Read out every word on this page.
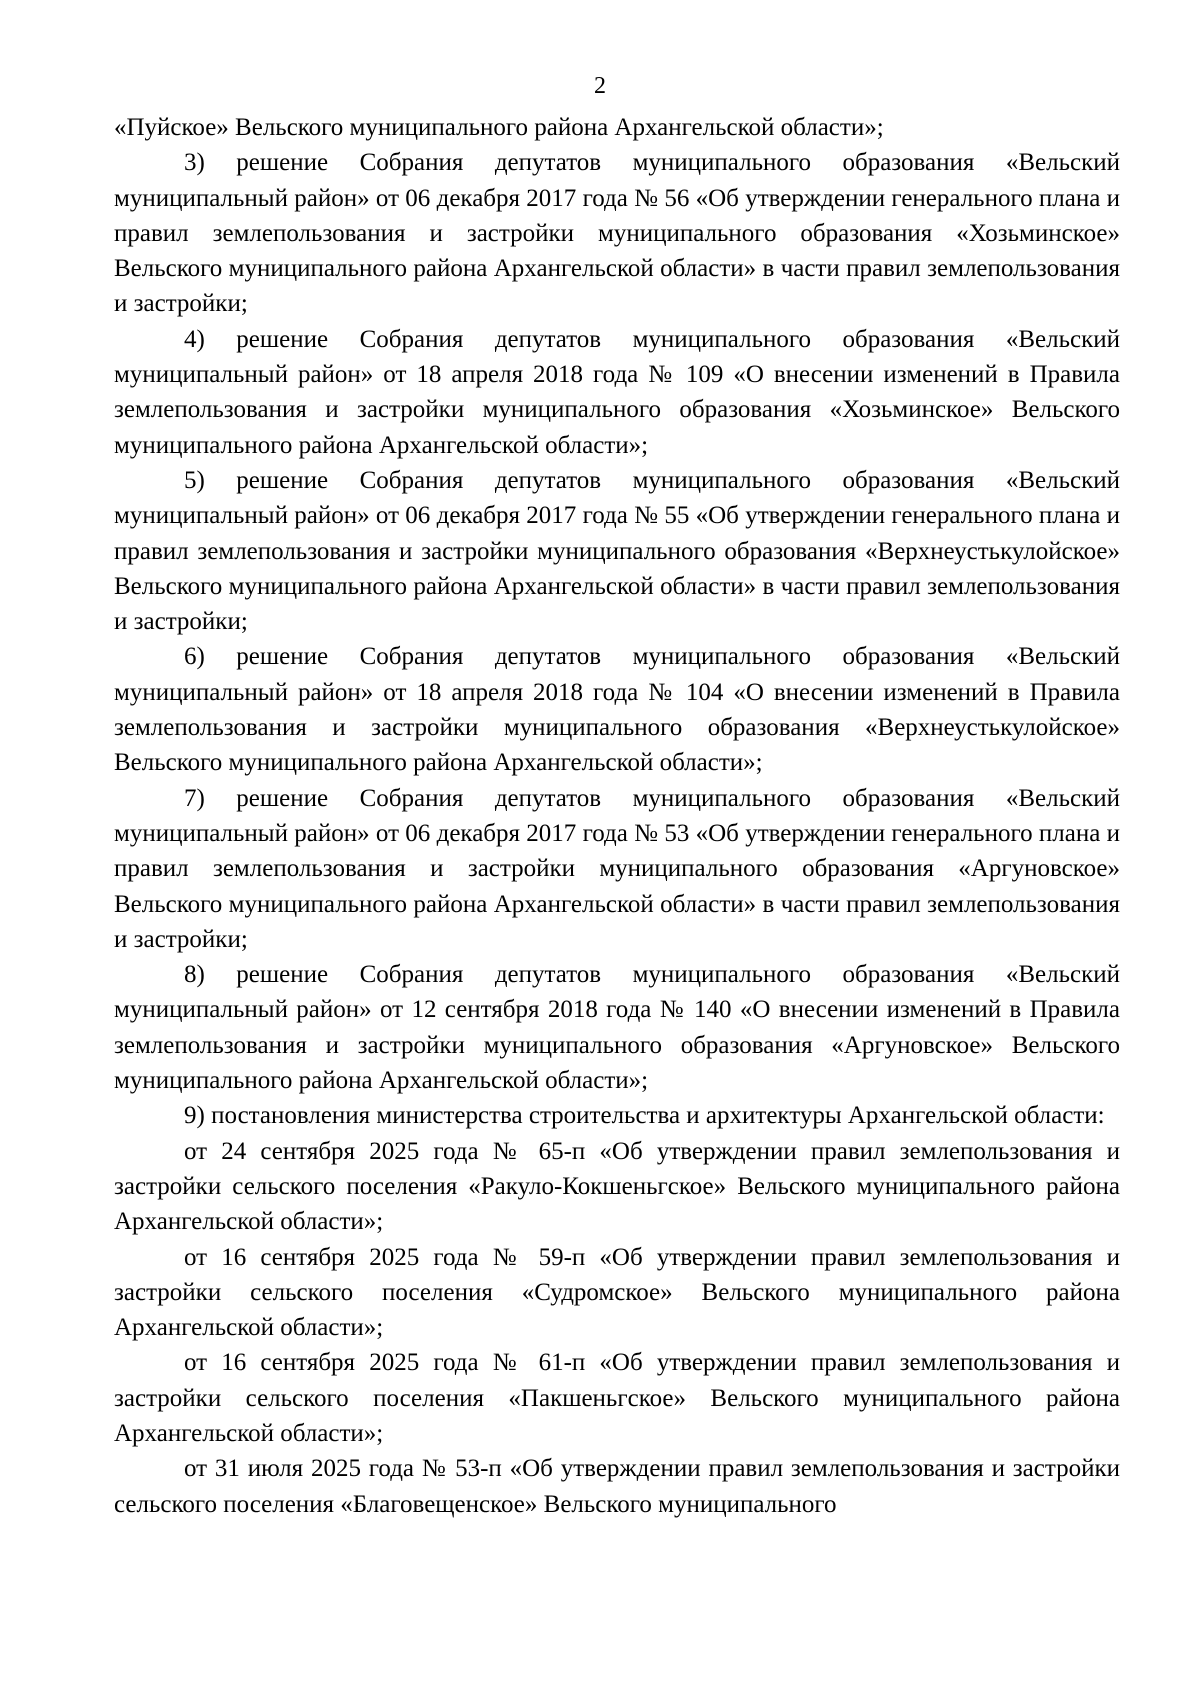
2

«Пуйское» Вельского муниципального района Архангельской области»;

3) решение Собрания депутатов муниципального образования «Вельский муниципальный район» от 06 декабря 2017 года № 56 «Об утверждении генерального плана и правил землепользования и застройки муниципального образования «Хозьминское» Вельского муниципального района Архангельской области» в части правил землепользования и застройки;

4) решение Собрания депутатов муниципального образования «Вельский муниципальный район» от 18 апреля 2018 года № 109 «О внесении изменений в Правила землепользования и застройки муниципального образования «Хозьминское» Вельского муниципального района Архангельской области»;

5) решение Собрания депутатов муниципального образования «Вельский муниципальный район» от 06 декабря 2017 года № 55 «Об утверждении генерального плана и правил землепользования и застройки муниципального образования «Верхнеустькулойское» Вельского муниципального района Архангельской области» в части правил землепользования и застройки;

6) решение Собрания депутатов муниципального образования «Вельский муниципальный район» от 18 апреля 2018 года № 104 «О внесении изменений в Правила землепользования и застройки муниципального образования «Верхнеустькулойское» Вельского муниципального района Архангельской области»;

7) решение Собрания депутатов муниципального образования «Вельский муниципальный район» от 06 декабря 2017 года № 53 «Об утверждении генерального плана и правил землепользования и застройки муниципального образования «Аргуновское» Вельского муниципального района Архангельской области» в части правил землепользования и застройки;

8) решение Собрания депутатов муниципального образования «Вельский муниципальный район» от 12 сентября 2018 года № 140 «О внесении изменений в Правила землепользования и застройки муниципального образования «Аргуновское» Вельского муниципального района Архангельской области»;

9) постановления министерства строительства и архитектуры Архангельской области:

от 24 сентября 2025 года № 65-п «Об утверждении правил землепользования и застройки сельского поселения «Ракуло-Кокшеньгское» Вельского муниципального района Архангельской области»;

от 16 сентября 2025 года № 59-п «Об утверждении правил землепользования и застройки сельского поселения «Судромское» Вельского муниципального района Архангельской области»;

от 16 сентября 2025 года № 61-п «Об утверждении правил землепользования и застройки сельского поселения «Пакшеньгское» Вельского муниципального района Архангельской области»;

от 31 июля 2025 года № 53-п «Об утверждении правил землепользования и застройки сельского поселения «Благовещенское» Вельского муниципального
